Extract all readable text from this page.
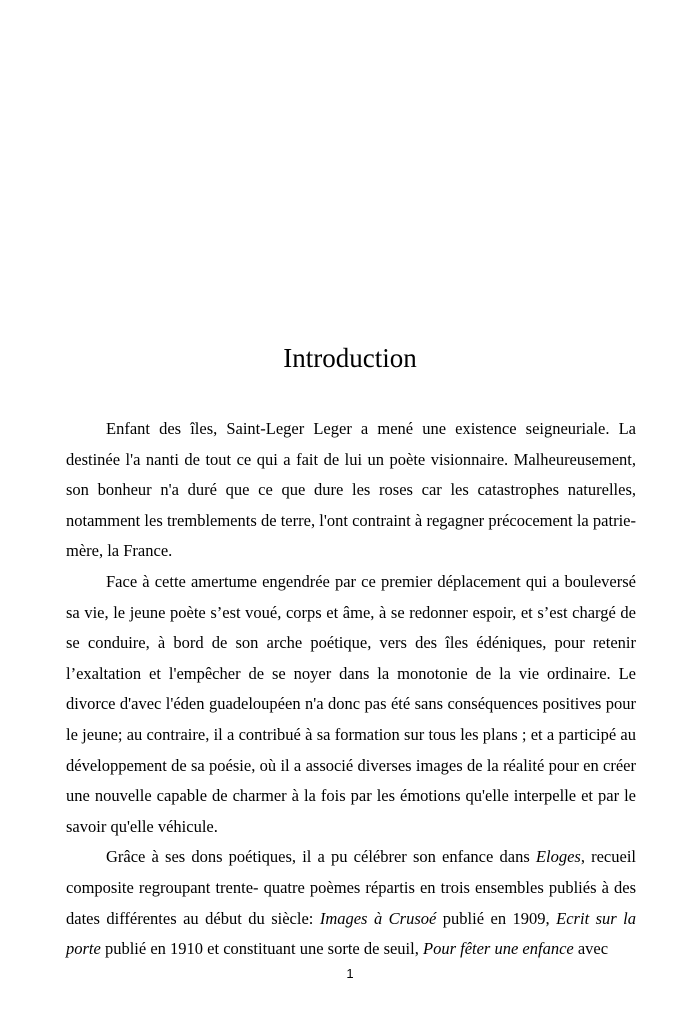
Introduction

Enfant des îles, Saint-Leger Leger a mené une existence seigneuriale. La destinée l'a nanti de tout ce qui a fait de lui un poète visionnaire. Malheureusement, son bonheur n'a duré que ce que dure les roses car les catastrophes naturelles, notamment les tremblements de terre, l'ont contraint à regagner précocement la patrie-mère, la France.

Face à cette amertume engendrée par ce premier déplacement qui a bouleversé sa vie, le jeune poète s’est voué, corps et âme, à se redonner espoir, et s’est chargé de se conduire, à bord de son arche poétique, vers des îles édéniques, pour retenir l’exaltation et l'empêcher de se noyer dans la monotonie de la vie ordinaire. Le divorce d'avec l'éden guadeloupéen n'a donc pas été sans conséquences positives pour le jeune; au contraire, il a contribué à sa formation sur tous les plans ; et a participé au développement de sa poésie, où il a associé diverses images de la réalité pour en créer une nouvelle capable de charmer à la fois par les émotions qu'elle interpelle et par le savoir qu'elle véhicule.

Grâce à ses dons poétiques, il a pu célébrer son enfance dans Eloges, recueil composite regroupant trente- quatre poèmes répartis en trois ensembles publiés à des dates différentes au début du siècle: Images à Crusoé publié en 1909, Ecrit sur la porte publié en 1910 et constituant une sorte de seuil, Pour fêter une enfance avec

1
